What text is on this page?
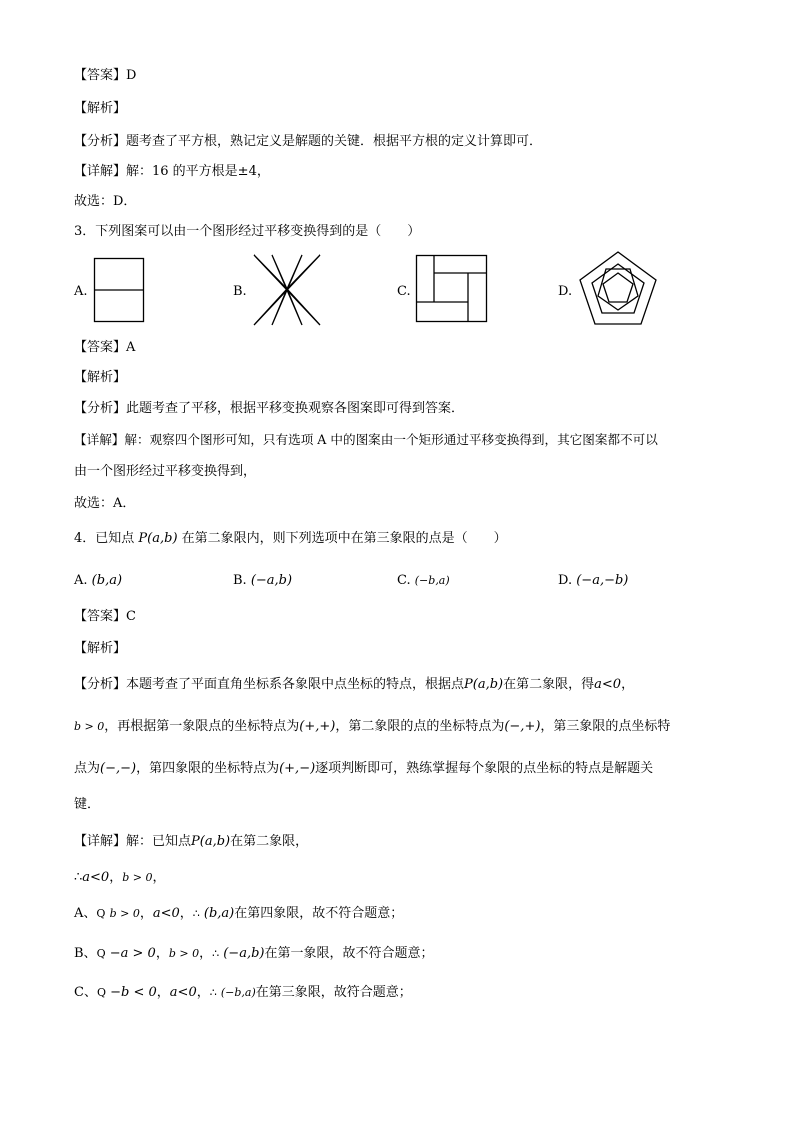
【答案】D
【解析】
【分析】题考查了平方根，熟记定义是解题的关键．根据平方根的定义计算即可．
【详解】解：16 的平方根是±4，
故选：D．
3．下列图案可以由一个图形经过平移变换得到的是（　　）
A.	B.	C.	D.
【答案】A
【解析】
【分析】此题考查了平移，根据平移变换观察各图案即可得到答案．
【详解】解：观察四个图形可知，只有选项 A 中的图案由一个矩形通过平移变换得到，其它图案都不可以
由一个图形经过平移变换得到，
故选：A．
4．已知点 P(a,b) 在第二象限内，则下列选项中在第三象限的点是（　　）
A. (b,a)	B. (−a,b)	C. (−b,a)	D. (−a,−b)
【答案】C
【解析】
【分析】本题考查了平面直角坐标系各象限中点坐标的特点，根据点P(a,b)在第二象限，得a<0，
b > 0，再根据第一象限点的坐标特点为(+,+)，第二象限的点的坐标特点为(−,+)，第三象限的点坐标特
点为(−,−)，第四象限的坐标特点为(+,−)逐项判断即可，熟练掌握每个象限的点坐标的特点是解题关
键．
【详解】解：已知点P(a,b)在第二象限，
∴a<0，b > 0，
A、Q b > 0，a<0，∴ (b,a)在第四象限，故不符合题意；
B、Q −a > 0，b > 0，∴ (−a,b)在第一象限，故不符合题意；
C、Q −b < 0，a<0，∴ (−b,a)在第三象限，故符合题意；
